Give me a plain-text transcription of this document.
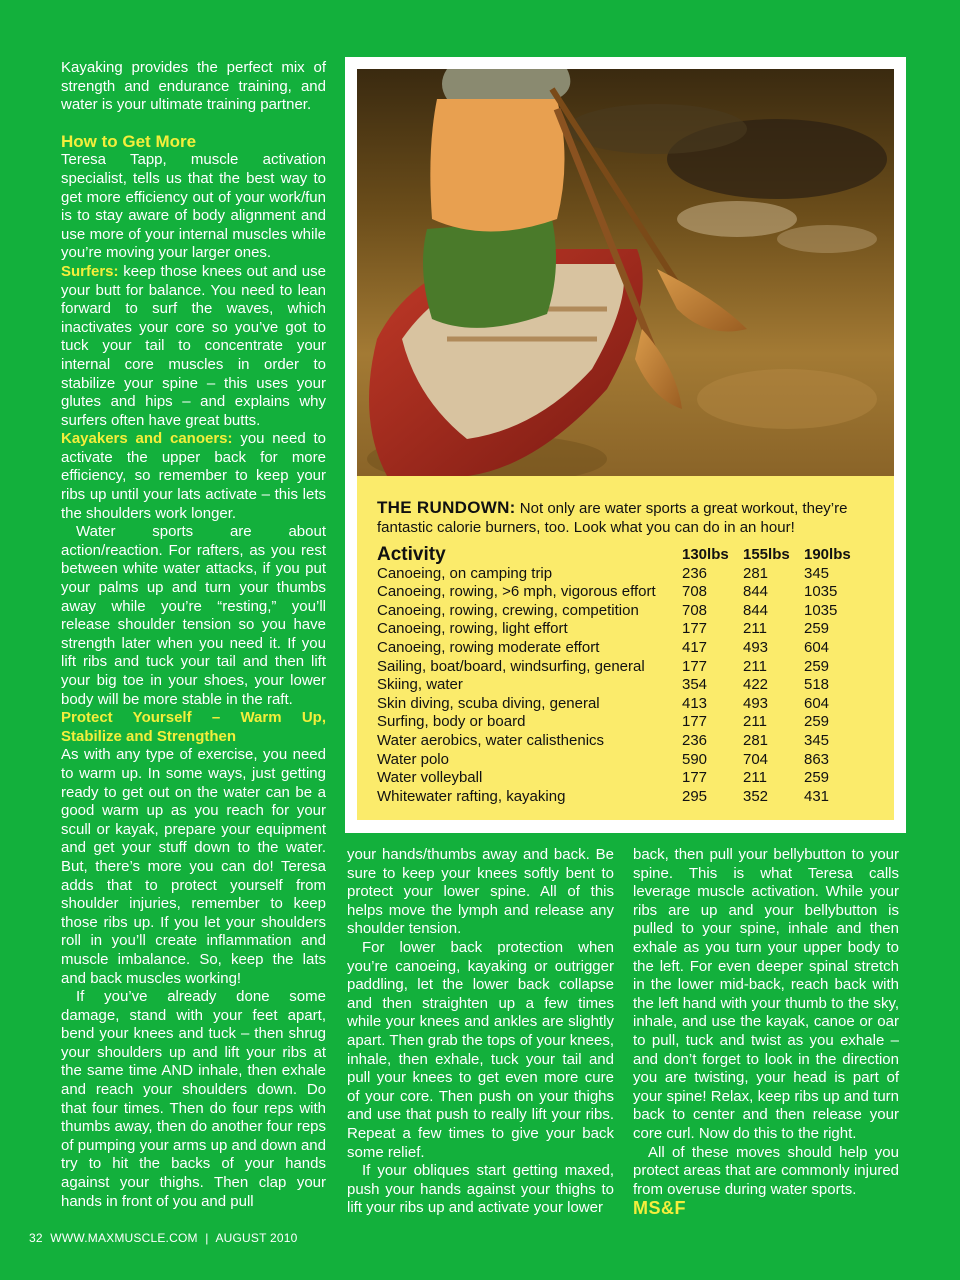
Kayaking provides the perfect mix of strength and endurance training, and water is your ultimate training partner.

How to Get More

Teresa Tapp, muscle activation specialist, tells us that the best way to get more efficiency out of your work/fun is to stay aware of body alignment and use more of your internal muscles while you’re moving your larger ones.

Surfers: keep those knees out and use your butt for balance. You need to lean forward to surf the waves, which inactivates your core so you’ve got to tuck your tail to concentrate your internal core muscles in order to stabilize your spine – this uses your glutes and hips – and explains why surfers often have great butts.

Kayakers and canoers: you need to activate the upper back for more efficiency, so remember to keep your ribs up until your lats activate – this lets the shoulders work longer.

Water sports are about action/reaction. For rafters, as you rest between white water attacks, if you put your palms up and turn your thumbs away while you’re “resting,” you’ll release shoulder tension so you have strength later when you need it. If you lift ribs and tuck your tail and then lift your big toe in your shoes, your lower body will be more stable in the raft.

Protect Yourself – Warm Up, Stabilize and Strengthen

As with any type of exercise, you need to warm up. In some ways, just getting ready to get out on the water can be a good warm up as you reach for your scull or kayak, prepare your equipment and get your stuff down to the water. But, there’s more you can do! Teresa adds that to protect yourself from shoulder injuries, remember to keep those ribs up. If you let your shoulders roll in you’ll create inflammation and muscle imbalance. So, keep the lats and back muscles working!

If you’ve already done some damage, stand with your feet apart, bend your knees and tuck – then shrug your shoulders up and lift your ribs at the same time AND inhale, then exhale and reach your shoulders down. Do that four times. Then do four reps with thumbs away, then do another four reps of pumping your arms up and down and try to hit the backs of your hands against your thighs. Then clap your hands in front of you and pull

THE RUNDOWN: Not only are water sports a great workout, they’re fantastic calorie burners, too. Look what you can do in an hour!
Activity	130lbs	155lbs	190lbs
Canoeing, on camping trip	236	281	345
Canoeing, rowing, >6 mph, vigorous effort	708	844	1035
Canoeing, rowing, crewing, competition	708	844	1035
Canoeing, rowing, light effort	177	211	259
Canoeing, rowing moderate effort	417	493	604
Sailing, boat/board, windsurfing, general	177	211	259
Skiing, water	354	422	518
Skin diving, scuba diving, general	413	493	604
Surfing, body or board	177	211	259
Water aerobics, water calisthenics	236	281	345
Water polo	590	704	863
Water volleyball	177	211	259
Whitewater rafting, kayaking	295	352	431

your hands/thumbs away and back. Be sure to keep your knees softly bent to protect your lower spine. All of this helps move the lymph and release any shoulder tension.

For lower back protection when you’re canoeing, kayaking or outrigger paddling, let the lower back collapse and then straighten up a few times while your knees and ankles are slightly apart. Then grab the tops of your knees, inhale, then exhale, tuck your tail and pull your knees to get even more cure of your core. Then push on your thighs and use that push to really lift your ribs. Repeat a few times to give your back some relief.

If your obliques start getting maxed, push your hands against your thighs to lift your ribs up and activate your lower

back, then pull your bellybutton to your spine. This is what Teresa calls leverage muscle activation. While your ribs are up and your bellybutton is pulled to your spine, inhale and then exhale as you turn your upper body to the left. For even deeper spinal stretch in the lower mid-back, reach back with the left hand with your thumb to the sky, inhale, and use the kayak, canoe or oar to pull, tuck and twist as you exhale – and don’t forget to look in the direction you are twisting, your head is part of your spine! Relax, keep ribs up and turn back to center and then release your core curl. Now do this to the right.

All of these moves should help you protect areas that are commonly injured from overuse during water sports.

MS&F

32 WWW.MAXMUSCLE.COM | AUGUST 2010
